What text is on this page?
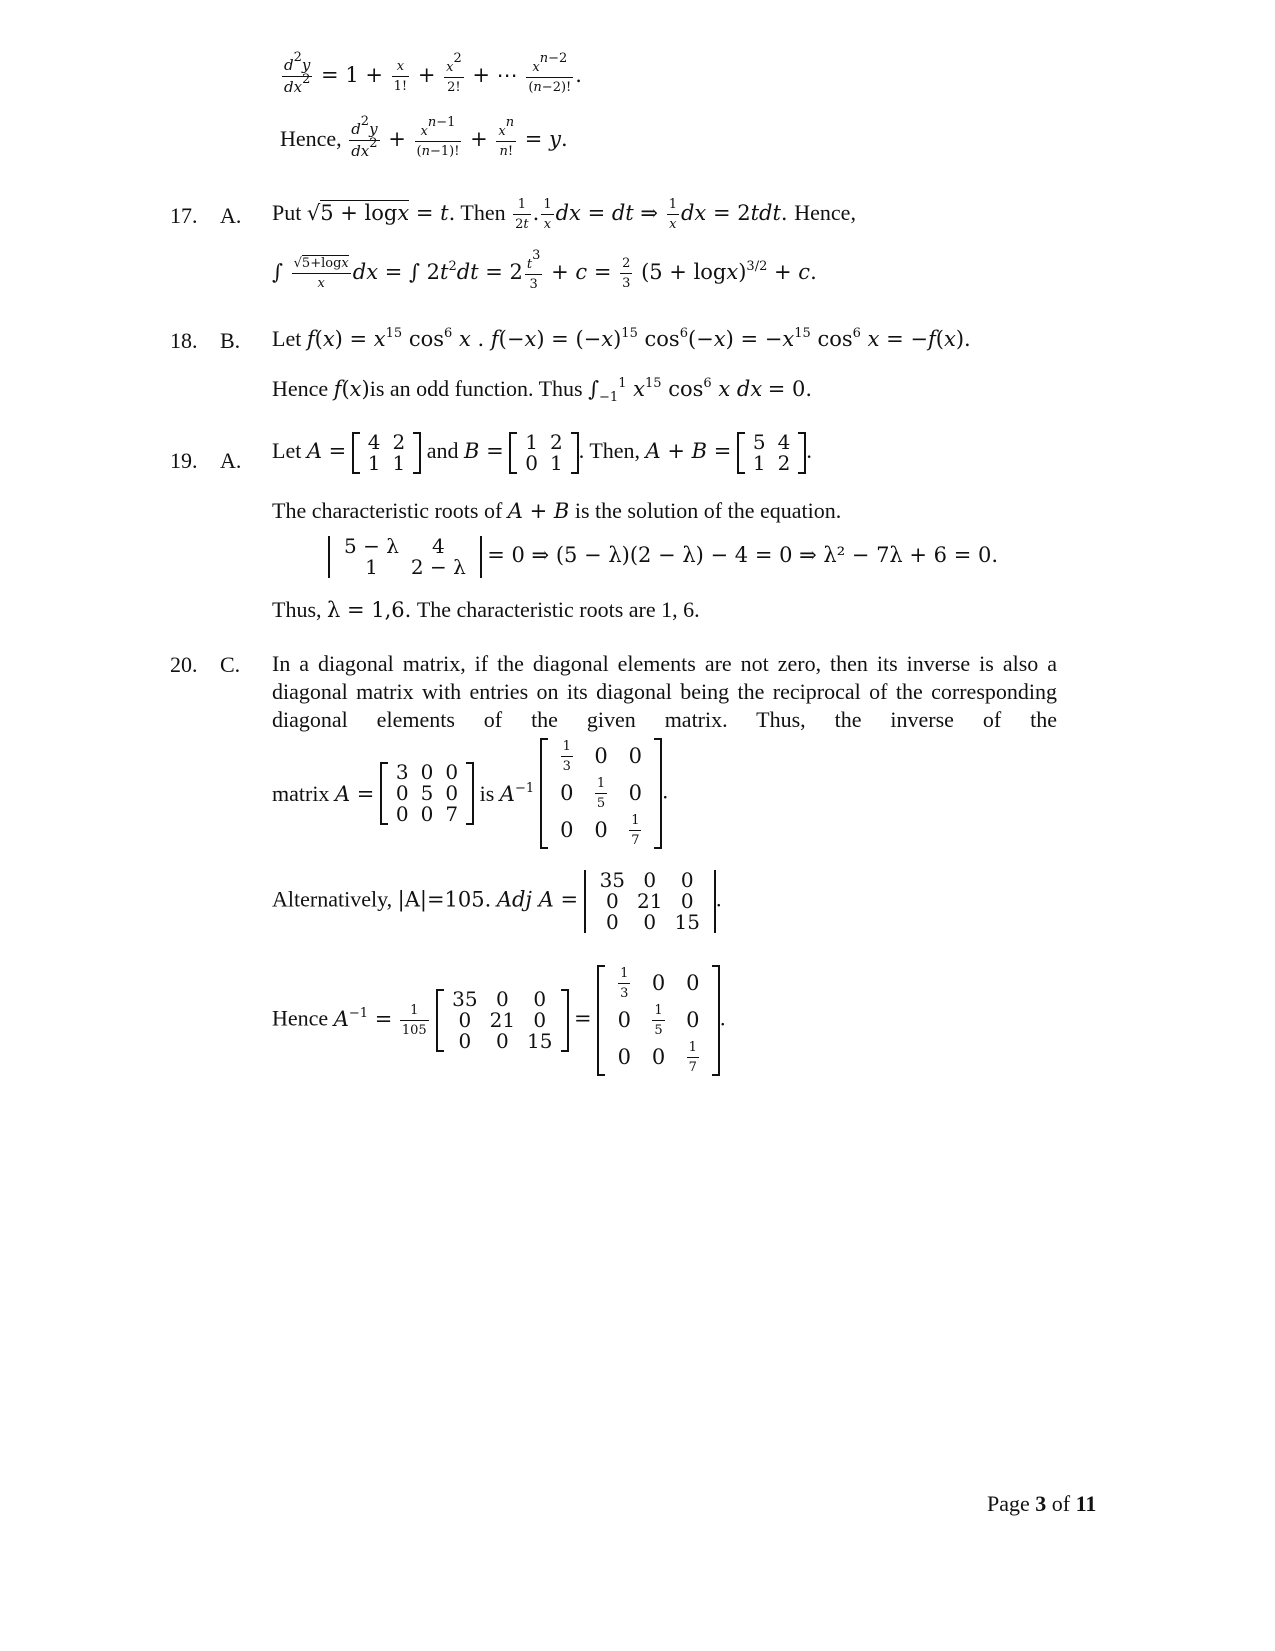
$\frac{d^2y}{dx^2} = 1 + \frac{x}{1!} + \frac{x^2}{2!}$ + ⋯ $\frac{x^{n-2}}{(n-2)!}$ .
Hence, $\frac{d^2y}{dx^2} + \frac{x^{n-1}}{(n-1)!} + \frac{x^n}{n!} = y$.
17. A. Put √5 + logx = t. Then $\frac{1}{2t}$ . $\frac{1}{x}$ dx = dt ⇒ $\frac{1}{x}$ dx = 2tdt. Hence,
∫ $\frac{√5+\log x}{x}$ dx = ∫ $2t^2dt = 2 \frac{t^3}{3} + c = \frac{2}{3} (5 + \log x)^{3/2} + c$.
18. B. Let $f(x) = x^{15}$ $\cos^6 x$ . $f(-x) = (-x)^{15}$ $\cos^6(-x) = -x^{15}$ $\cos^6 x = -f(x)$.
Hence f(x)is an odd function. Thus $\int_{-1}^1$ $x^{15}$ $\cos^6 x$ dx = 0.
19. A. Let A = 4	2
1	1 and B = 1	2
0	1 . Then, A + B = 5	4
1	2 .
The characteristic roots of A + B is the solution of the equation.
5 − λ	4
1	2 − λ = 0 ⇒ (5 − λ)(2 − λ) − 4 = 0 ⇒ λ² − 7λ + 6 = 0.
Thus, λ = 1,6. The characteristic roots are 1, 6.
20. C. In a diagonal matrix, if the diagonal elements are not zero, then its inverse is also a diagonal matrix with entries on its diagonal being the reciprocal of the corresponding diagonal elements of the given matrix. Thus, the inverse of the
matrix A =
3	0	0
0	5	0
0	0	7
is $A^{-1}$
$\frac{1}{3}$	0	0
0	$\frac{1}{5}$	0
0	0	$\frac{1}{7}$
.
Alternatively, |A|=105. Adj A =
35	0	0
0	21	0
0	0	15
.
Hence $A^{-1} = \frac{1}{105}$

35	0	0
0	21	0
0	0	15
=
$\frac{1}{3}$	0	0
0	$\frac{1}{5}$	0
0	0	$\frac{1}{7}$
.
Page 3 of 11
